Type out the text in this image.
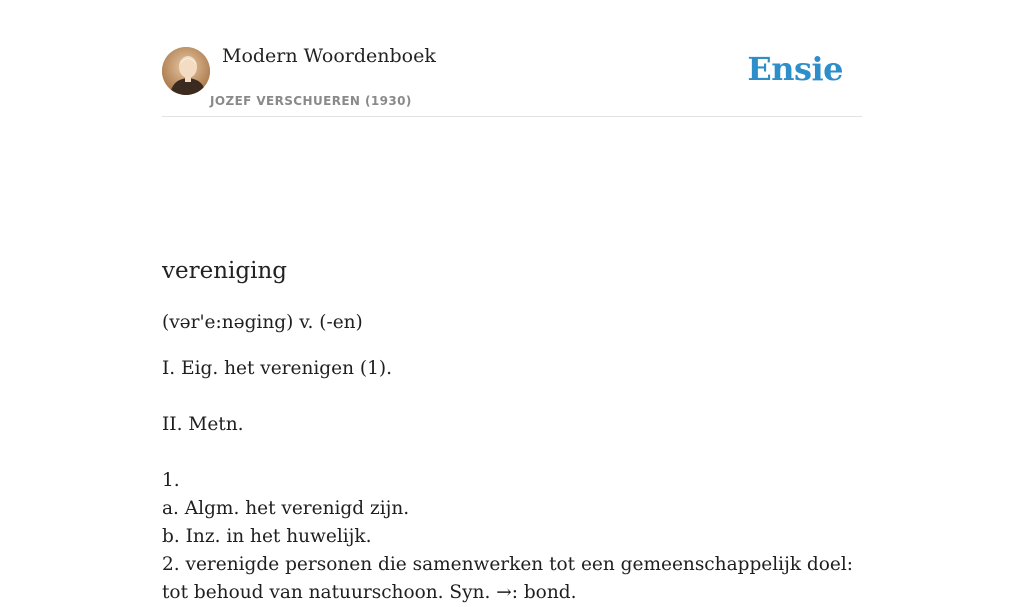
Modern Woordenboek
JOZEF VERSCHUEREN (1930)
Ensie
vereniging
(vər'e:nəging) v. (-en)
I. Eig. het verenigen (1).
II. Metn.
1.
a. Algm. het verenigd zijn.
b. Inz. in het huwelijk.
2. verenigde personen die samenwerken tot een gemeenschappelijk doel: tot behoud van natuurschoon. Syn. →: bond.
